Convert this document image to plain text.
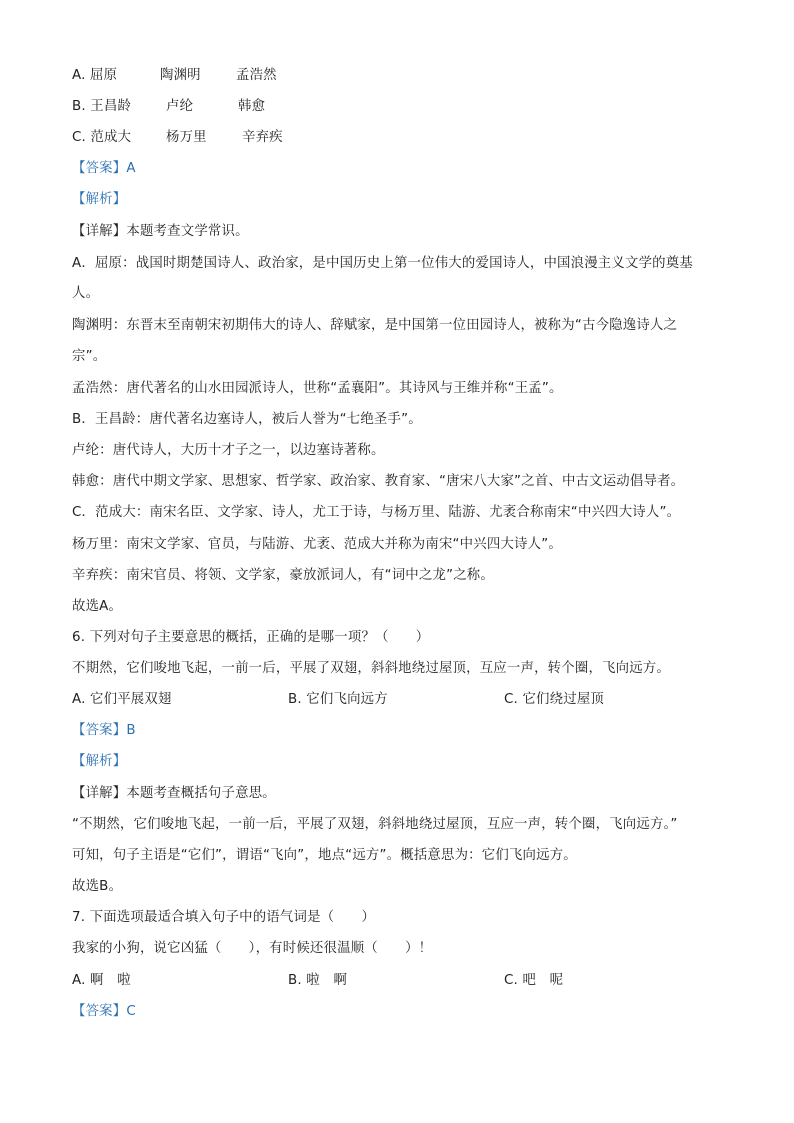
A. 屈原	陶渊明	孟浩然
B. 王昌龄	卢纶	韩愈
C. 范成大	杨万里	辛弃疾
【答案】A
【解析】
【详解】本题考查文学常识。
A．屈原：战国时期楚国诗人、政治家，是中国历史上第一位伟大的爱国诗人，中国浪漫主义文学的奠基
人。
陶渊明：东晋末至南朝宋初期伟大的诗人、辞赋家，是中国第一位田园诗人，被称为“古今隐逸诗人之
宗”。
孟浩然：唐代著名的山水田园派诗人，世称“孟襄阳”。其诗风与王维并称“王孟”。
B．王昌龄：唐代著名边塞诗人，被后人誉为“七绝圣手”。
卢纶：唐代诗人，大历十才子之一，以边塞诗著称。
韩愈：唐代中期文学家、思想家、哲学家、政治家、教育家、“唐宋八大家”之首、中古文运动倡导者。
C．范成大：南宋名臣、文学家、诗人，尤工于诗，与杨万里、陆游、尤袤合称南宋“中兴四大诗人”。
杨万里：南宋文学家、官员，与陆游、尤袤、范成大并称为南宋“中兴四大诗人”。
辛弃疾：南宋官员、将领、文学家，豪放派词人，有“词中之龙”之称。
故选A。
6. 下列对句子主要意思的概括，正确的是哪一项？（　　）
不期然，它们唆地飞起，一前一后，平展了双翅，斜斜地绕过屋顶，互应一声，转个圈，飞向远方。
A. 它们平展双翅	B. 它们飞向远方	C. 它们绕过屋顶
【答案】B
【解析】
【详解】本题考查概括句子意思。
“不期然，它们唆地飞起，一前一后，平展了双翅，斜斜地绕过屋顶，互应一声，转个圈，飞向远方。”
可知，句子主语是“它们”，谓语“飞向”，地点“远方”。概括意思为：它们飞向远方。
故选B。
7. 下面选项最适合填入句子中的语气词是（　　）
我家的小狗，说它凶猛（　　），有时候还很温顺（　　）！
A. 啊　啦	B. 啦　啊	C. 吧　呢
【答案】C
